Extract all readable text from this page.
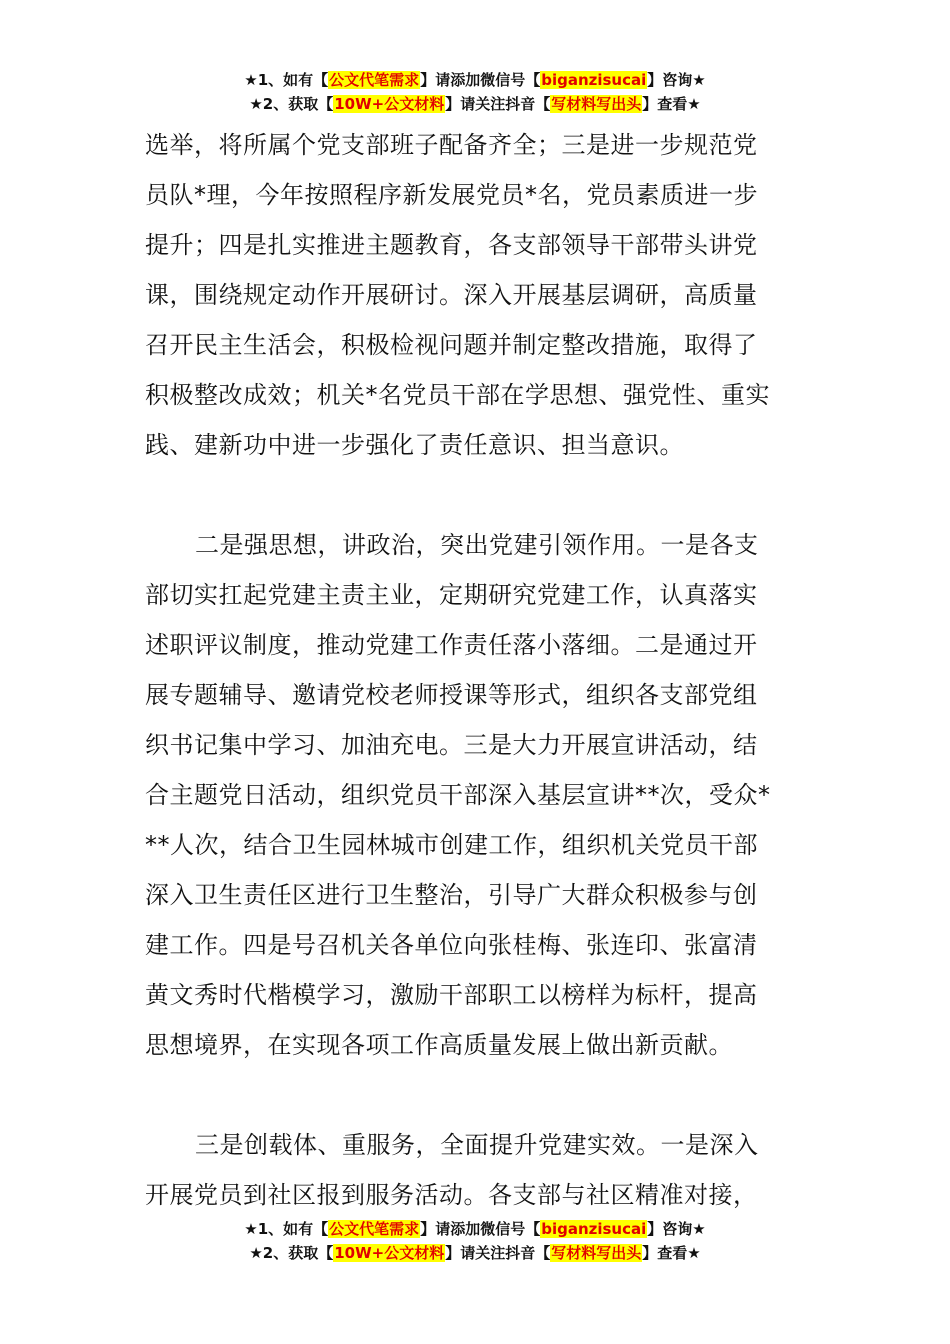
★1、如有【公文代笔需求】请添加微信号【biganzisucai】咨询★
★2、获取【10W+公文材料】请关注抖音【写材料写出头】查看★
选举，将所属个党支部班子配备齐全；三是进一步规范党
员队*理，今年按照程序新发展党员*名，党员素质进一步
提升；四是扎实推进主题教育，各支部领导干部带头讲党
课，围绕规定动作开展研讨。深入开展基层调研，高质量
召开民主生活会，积极检视问题并制定整改措施，取得了
积极整改成效；机关*名党员干部在学思想、强党性、重实
践、建新功中进一步强化了责任意识、担当意识。
二是强思想，讲政治，突出党建引领作用。一是各支
部切实扛起党建主责主业，定期研究党建工作，认真落实
述职评议制度，推动党建工作责任落小落细。二是通过开
展专题辅导、邀请党校老师授课等形式，组织各支部党组
织书记集中学习、加油充电。三是大力开展宣讲活动，结
合主题党日活动，组织党员干部深入基层宣讲**次，受众*
**人次，结合卫生园林城市创建工作，组织机关党员干部
深入卫生责任区进行卫生整治，引导广大群众积极参与创
建工作。四是号召机关各单位向张桂梅、张连印、张富清
黄文秀时代楷模学习，激励干部职工以榜样为标杆，提高
思想境界，在实现各项工作高质量发展上做出新贡献。
三是创载体、重服务，全面提升党建实效。一是深入
开展党员到社区报到服务活动。各支部与社区精准对接，
★1、如有【公文代笔需求】请添加微信号【biganzisucai】咨询★
★2、获取【10W+公文材料】请关注抖音【写材料写出头】查看★
